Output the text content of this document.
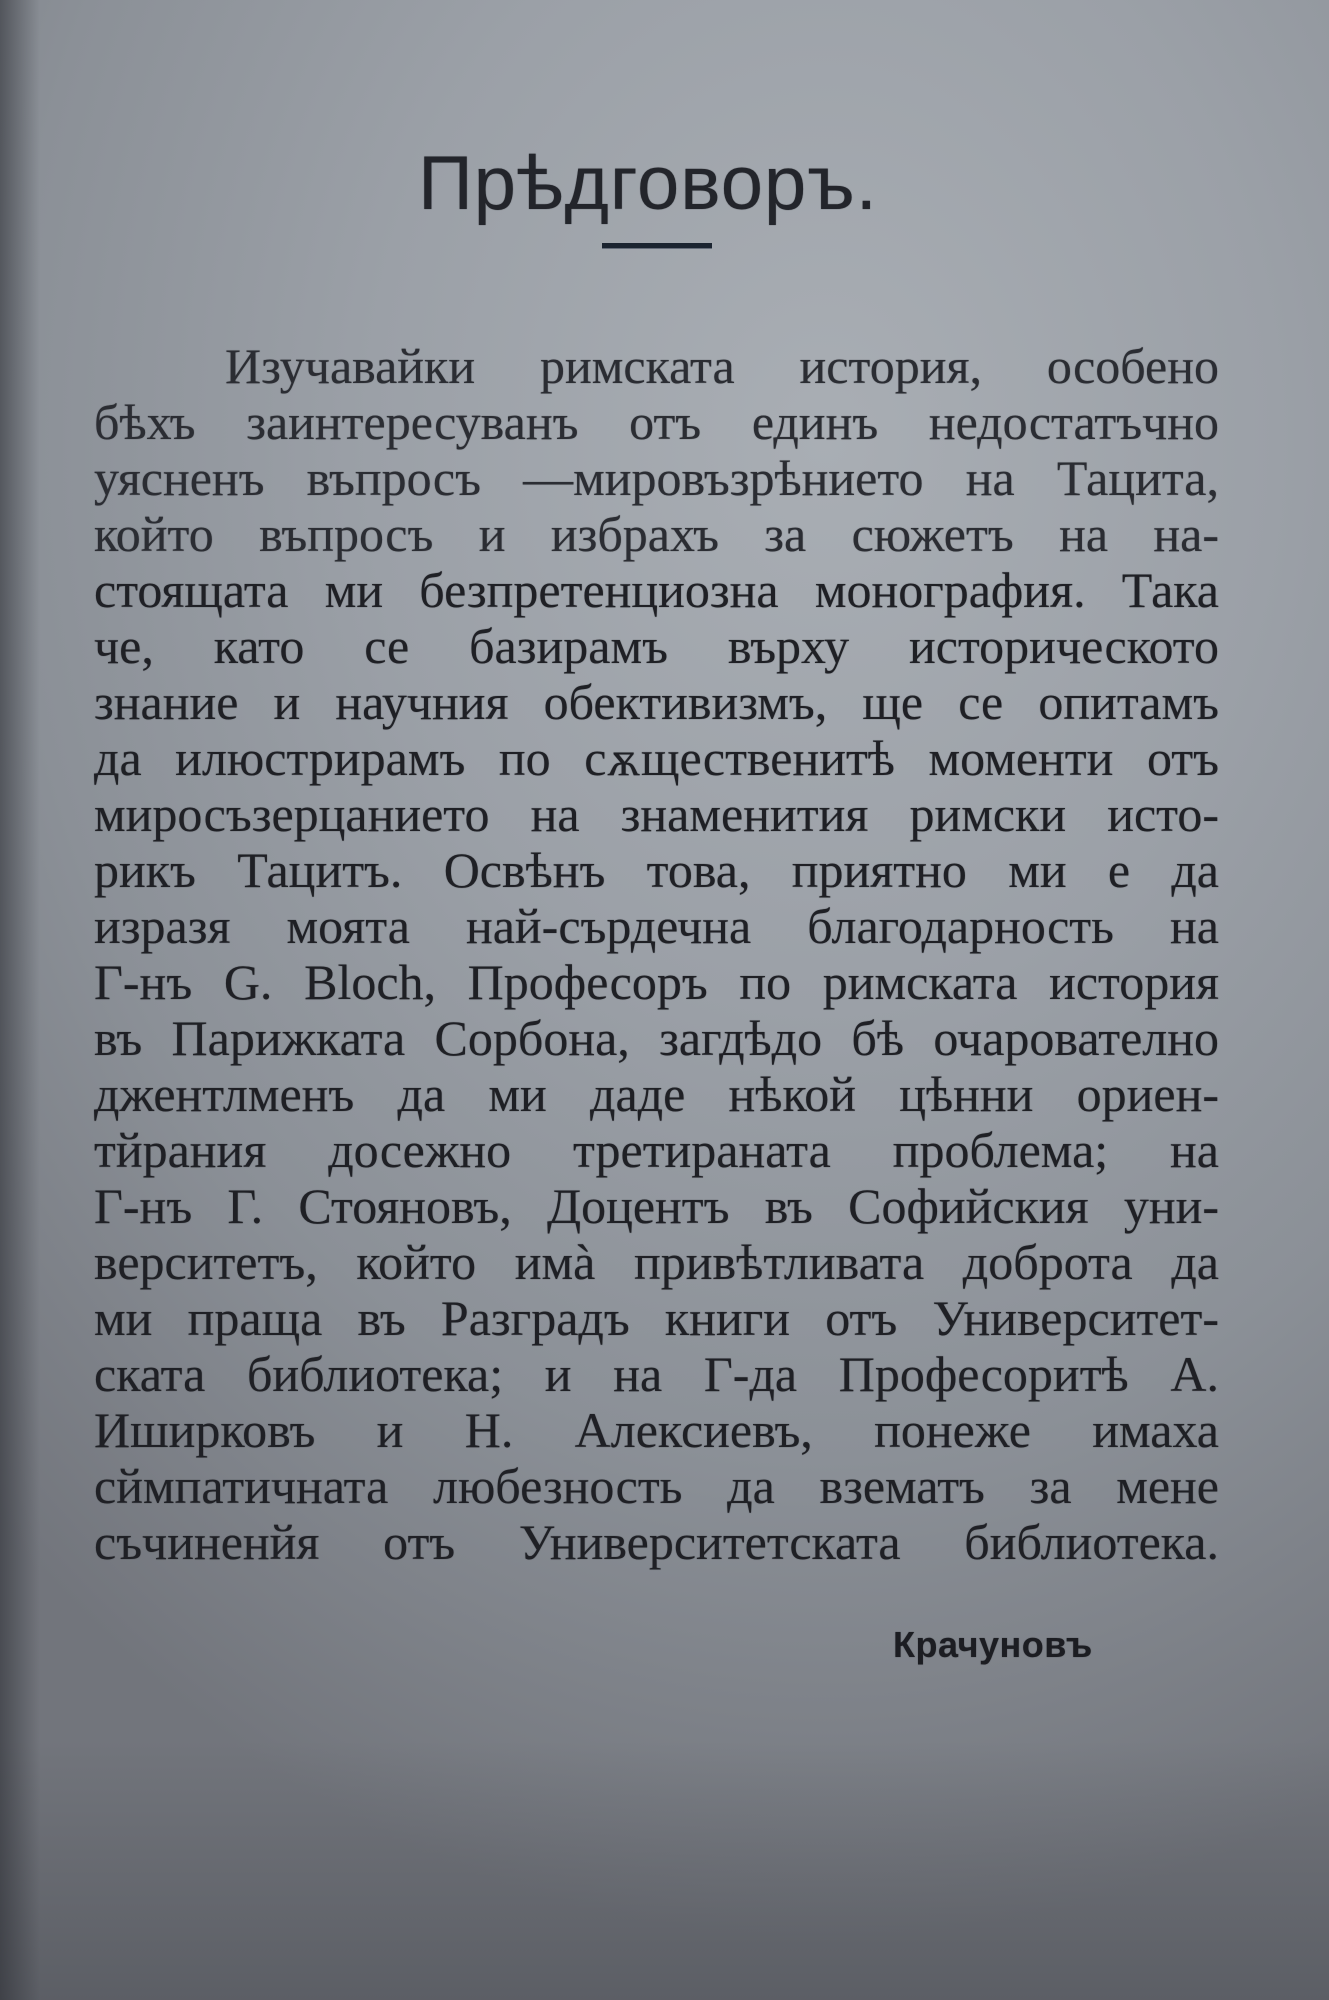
Прѣдговоръ.
Изучавайки римската история, особено
бѣхъ заинтересуванъ отъ единъ недостатъчно
уясненъ въпросъ —мировъзрѣнието на Тацита,
който въпросъ и избрахъ за сюжетъ на на-
стоящата ми безпретенциозна монография. Така
че, като се базирамъ върху историческото
знание и научния обективизмъ, ще се опитамъ
да илюстрирамъ по сѫщественитѣ моменти отъ
миросъзерцанието на знаменития римски исто-
рикъ Тацитъ. Освѣнъ това, приятно ми е да
изразя моята най-сърдечна благодарность на
Г-нъ G. Bloch, Професоръ по римската история
въ Парижката Сорбона, загдѣдо бѣ очарователно
джентлменъ да ми даде нѣкой цѣнни ориен-
тйрания досежно третираната проблема; на
Г-нъ Г. Стояновъ, Доцентъ въ Софийския уни-
верситетъ, който имà привѣтливата доброта да
ми праща въ Разградъ книги отъ Университет-
ската библиотека; и на Г-да Професоритѣ А.
Иширковъ и Н. Алексиевъ, понеже имаха
сймпатичната любезность да взематъ за мене
съчиненйя отъ Университетската библиотека.
Крачуновъ
